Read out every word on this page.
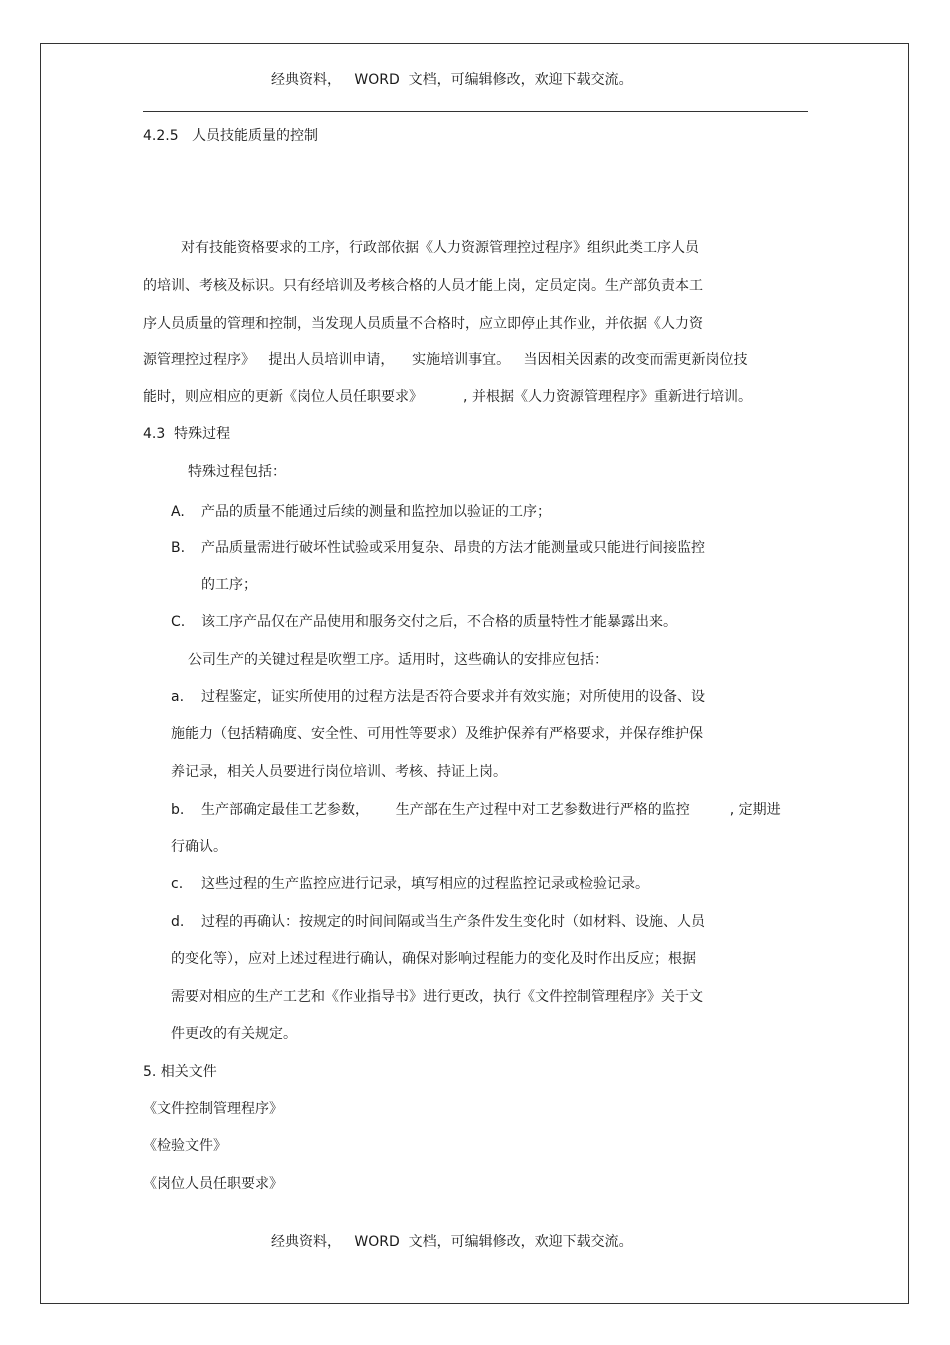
经典资料，   WORD  文档，可编辑修改，欢迎下载交流。
4.2.5   人员技能质量的控制
对有技能资格要求的工序，行政部依据《人力资源管理控过程序》组织此类工序人员
的培训、考核及标识。只有经培训及考核合格的人员才能上岗，定员定岗。生产部负责本工
序人员质量的管理和控制，当发现人员质量不合格时，应立即停止其作业，并依据《人力资
源管理控过程序》   提出人员培训申请，    实施培训事宜。   当因相关因素的改变而需更新岗位技
能时，则应相应的更新《岗位人员任职要求》         , 并根据《人力资源管理程序》重新进行培训。
4.3  特殊过程
特殊过程包括：
A. 产品的质量不能通过后续的测量和监控加以验证的工序；
B. 产品质量需进行破坏性试验或采用复杂、昂贵的方法才能测量或只能进行间接监控
的工序；
C. 该工序产品仅在产品使用和服务交付之后，不合格的质量特性才能暴露出来。
公司生产的关键过程是吹塑工序。适用时，这些确认的安排应包括：
a. 过程鉴定，证实所使用的过程方法是否符合要求并有效实施；对所使用的设备、设
施能力（包括精确度、安全性、可用性等要求）及维护保养有严格要求，并保存维护保
养记录，相关人员要进行岗位培训、考核、持证上岗。
b. 生产部确定最佳工艺参数，      生产部在生产过程中对工艺参数进行严格的监控         , 定期进
行确认。
c. 这些过程的生产监控应进行记录，填写相应的过程监控记录或检验记录。
d. 过程的再确认：按规定的时间间隔或当生产条件发生变化时（如材料、设施、人员
的变化等），应对上述过程进行确认，确保对影响过程能力的变化及时作出反应；根据
需要对相应的生产工艺和《作业指导书》进行更改，执行《文件控制管理程序》关于文
件更改的有关规定。
5. 相关文件
《文件控制管理程序》
《检验文件》
《岗位人员任职要求》
经典资料，   WORD  文档，可编辑修改，欢迎下载交流。
